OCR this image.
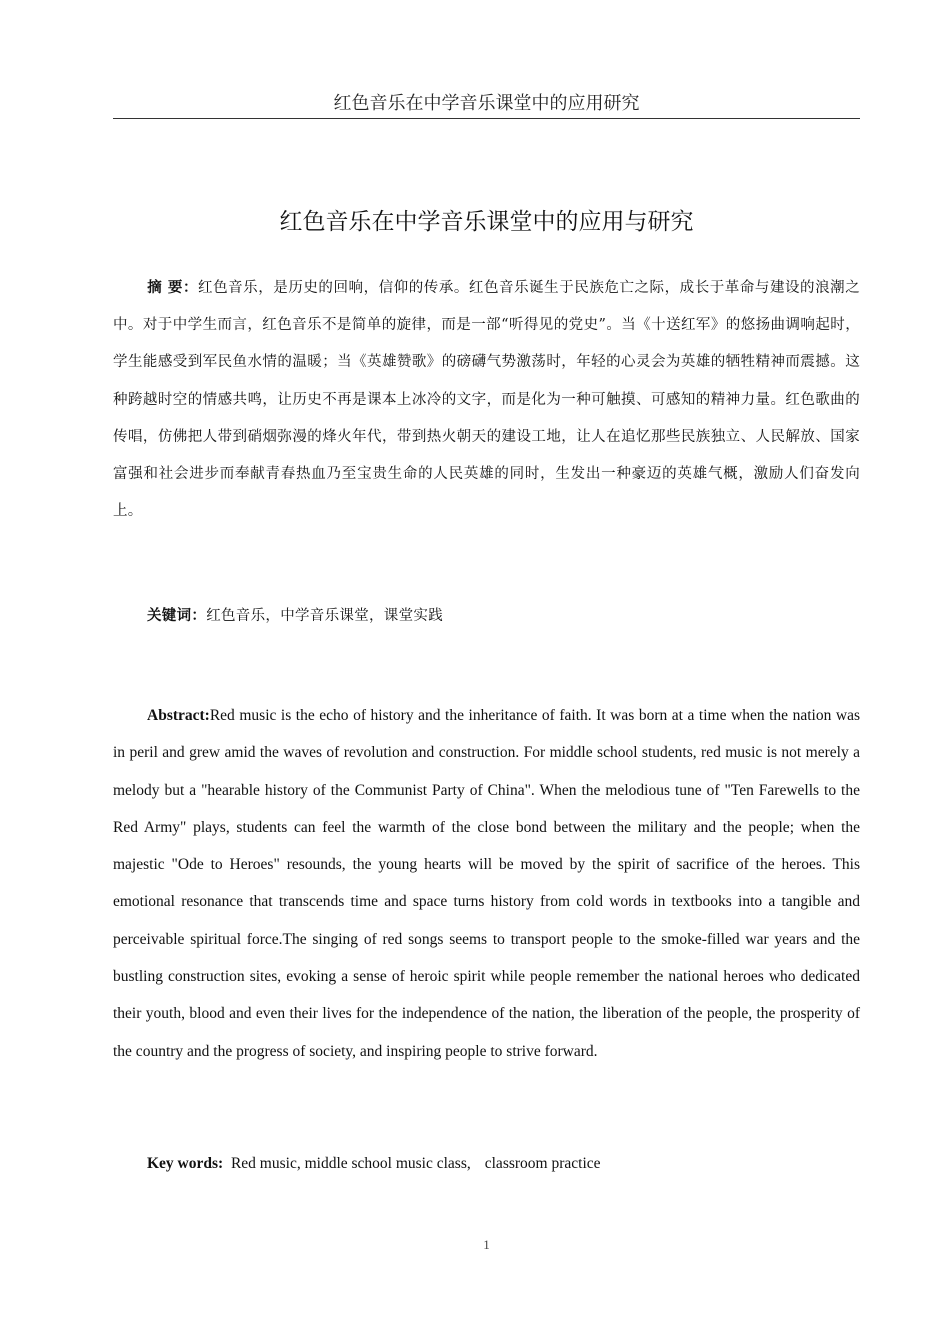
红色音乐在中学音乐课堂中的应用研究
红色音乐在中学音乐课堂中的应用与研究
摘 要：红色音乐，是历史的回响，信仰的传承。红色音乐诞生于民族危亡之际，成长于革命与建设的浪潮之中。对于中学生而言，红色音乐不是简单的旋律，而是一部“听得见的党史”。当《十送红军》的悠扬曲调响起时，学生能感受到军民鱼水情的温暖；当《英雄赞歌》的磅礴气势激荡时，年轻的心灵会为英雄的牺牲精神而震撼。这种跨越时空的情感共鸣，让历史不再是课本上冰冷的文字，而是化为一种可触摸、可感知的精神力量。红色歌曲的传唱，仿佛把人带到硝烟弥漫的烽火年代，带到热火朝天的建设工地，让人在追忆那些民族独立、人民解放、国家富强和社会进步而奉献青春热血乃至宝贵生命的人民英雄的同时，生发出一种豪迈的英雄气概，激励人们奋发向上。
关键词：红色音乐，中学音乐课堂，课堂实践
Abstract:Red music is the echo of history and the inheritance of faith. It was born at a time when the nation was in peril and grew amid the waves of revolution and construction. For middle school students, red music is not merely a melody but a "hearable history of the Communist Party of China". When the melodious tune of "Ten Farewells to the Red Army" plays, students can feel the warmth of the close bond between the military and the people; when the majestic "Ode to Heroes" resounds, the young hearts will be moved by the spirit of sacrifice of the heroes. This emotional resonance that transcends time and space turns history from cold words in textbooks into a tangible and perceivable spiritual force.The singing of red songs seems to transport people to the smoke-filled war years and the bustling construction sites, evoking a sense of heroic spirit while people remember the national heroes who dedicated their youth, blood and even their lives for the independence of the nation, the liberation of the people, the prosperity of the country and the progress of society, and inspiring people to strive forward.
Key words: Red music, middle school music class, classroom practice
1
